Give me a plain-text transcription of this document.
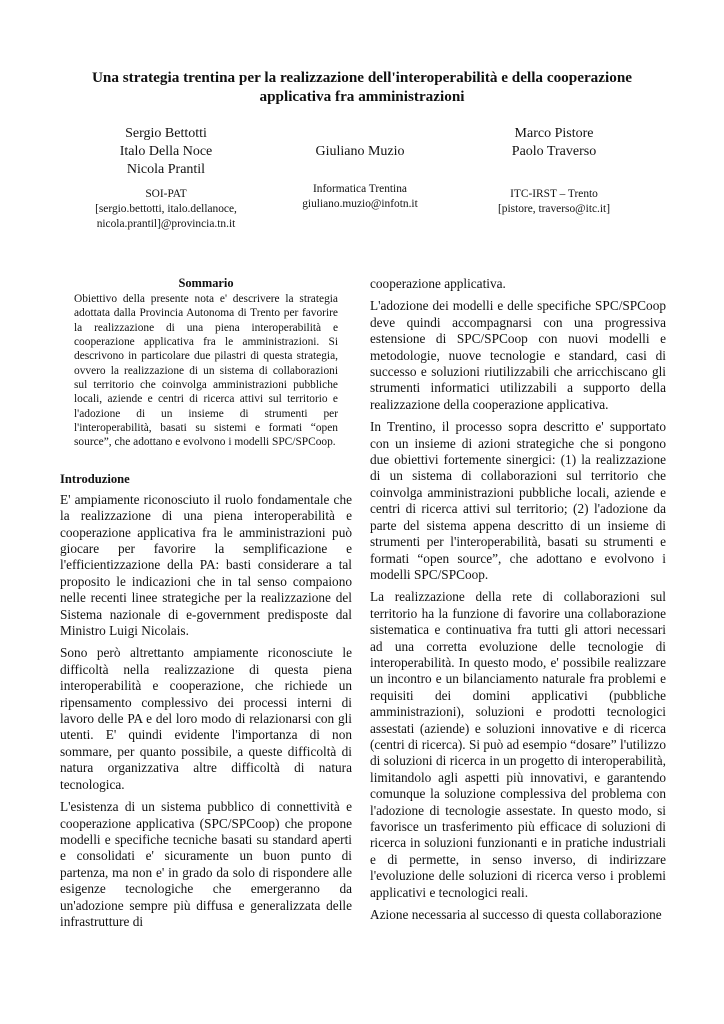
Una strategia trentina per la realizzazione dell'interoperabilità e della cooperazione applicativa fra amministrazioni
Sergio Bettotti
Italo Della Noce
Nicola Prantil
SOI-PAT
[sergio.bettotti, italo.dellanoce,
nicola.prantil]@provincia.tn.it
Giuliano Muzio
Informatica Trentina
giuliano.muzio@infotn.it
Marco Pistore
Paolo Traverso
ITC-IRST – Trento
[pistore, traverso@itc.it]
Sommario
Obiettivo della presente nota e' descrivere la strategia adottata dalla Provincia Autonoma di Trento per favorire la realizzazione di una piena interoperabilità e cooperazione applicativa fra le amministrazioni. Si descrivono in particolare due pilastri di questa strategia, ovvero la realizzazione di un sistema di collaborazioni sul territorio che coinvolga amministrazioni pubbliche locali, aziende e centri di ricerca attivi sul territorio e l'adozione di un insieme di strumenti per l'interoperabilità, basati su sistemi e formati “open source”, che adottano e evolvono i modelli SPC/SPCoop.
Introduzione

E' ampiamente riconosciuto il ruolo fondamentale che la realizzazione di una piena interoperabilità e cooperazione applicativa fra le amministrazioni può giocare per favorire la semplificazione e l'efficientizzazione della PA: basti considerare a tal proposito le indicazioni che in tal senso compaiono nelle recenti linee strategiche per la realizzazione del Sistema nazionale di e-government predisposte dal Ministro Luigi Nicolais.

Sono però altrettanto ampiamente riconosciute le difficoltà nella realizzazione di questa piena interoperabilità e cooperazione, che richiede un ripensamento complessivo dei processi interni di lavoro delle PA e del loro modo di relazionarsi con gli utenti. E' quindi evidente l'importanza di non sommare, per quanto possibile, a queste difficoltà di natura organizzativa altre difficoltà di natura tecnologica.

L'esistenza di un sistema pubblico di connettività e cooperazione applicativa (SPC/SPCoop) che propone modelli e specifiche tecniche basati su standard aperti e consolidati e' sicuramente un buon punto di partenza, ma non e' in grado da solo di rispondere alle esigenze tecnologiche che emergeranno da un'adozione sempre più diffusa e generalizzata delle infrastrutture di

cooperazione applicativa.

L'adozione dei modelli e delle specifiche SPC/SPCoop deve quindi accompagnarsi con una progressiva estensione di SPC/SPCoop con nuovi modelli e metodologie, nuove tecnologie e standard, casi di successo e soluzioni riutilizzabili che arricchiscano gli strumenti informatici utilizzabili a supporto della realizzazione della cooperazione applicativa.

In Trentino, il processo sopra descritto e' supportato con un insieme di azioni strategiche che si pongono due obiettivi fortemente sinergici: (1) la realizzazione di un sistema di collaborazioni sul territorio che coinvolga amministrazioni pubbliche locali, aziende e centri di ricerca attivi sul territorio; (2) l'adozione da parte del sistema appena descritto di un insieme di strumenti per l'interoperabilità, basati su strumenti e formati “open source”, che adottano e evolvono i modelli SPC/SPCoop.

La realizzazione della rete di collaborazioni sul territorio ha la funzione di favorire una collaborazione sistematica e continuativa fra tutti gli attori necessari ad una corretta evoluzione delle tecnologie di interoperabilità. In questo modo, e' possibile realizzare un incontro e un bilanciamento naturale fra problemi e requisiti dei domini applicativi (pubbliche amministrazioni), soluzioni e prodotti tecnologici assestati (aziende) e soluzioni innovative e di ricerca (centri di ricerca). Si può ad esempio “dosare” l'utilizzo di soluzioni di ricerca in un progetto di interoperabilità, limitandolo agli aspetti più innovativi, e garantendo comunque la soluzione complessiva del problema con l'adozione di tecnologie assestate. In questo modo, si favorisce un trasferimento più efficace di soluzioni di ricerca in soluzioni funzionanti e in pratiche industriali e di permette, in senso inverso, di indirizzare l'evoluzione delle soluzioni di ricerca verso i problemi applicativi e tecnologici reali.

Azione necessaria al successo di questa collaborazione
